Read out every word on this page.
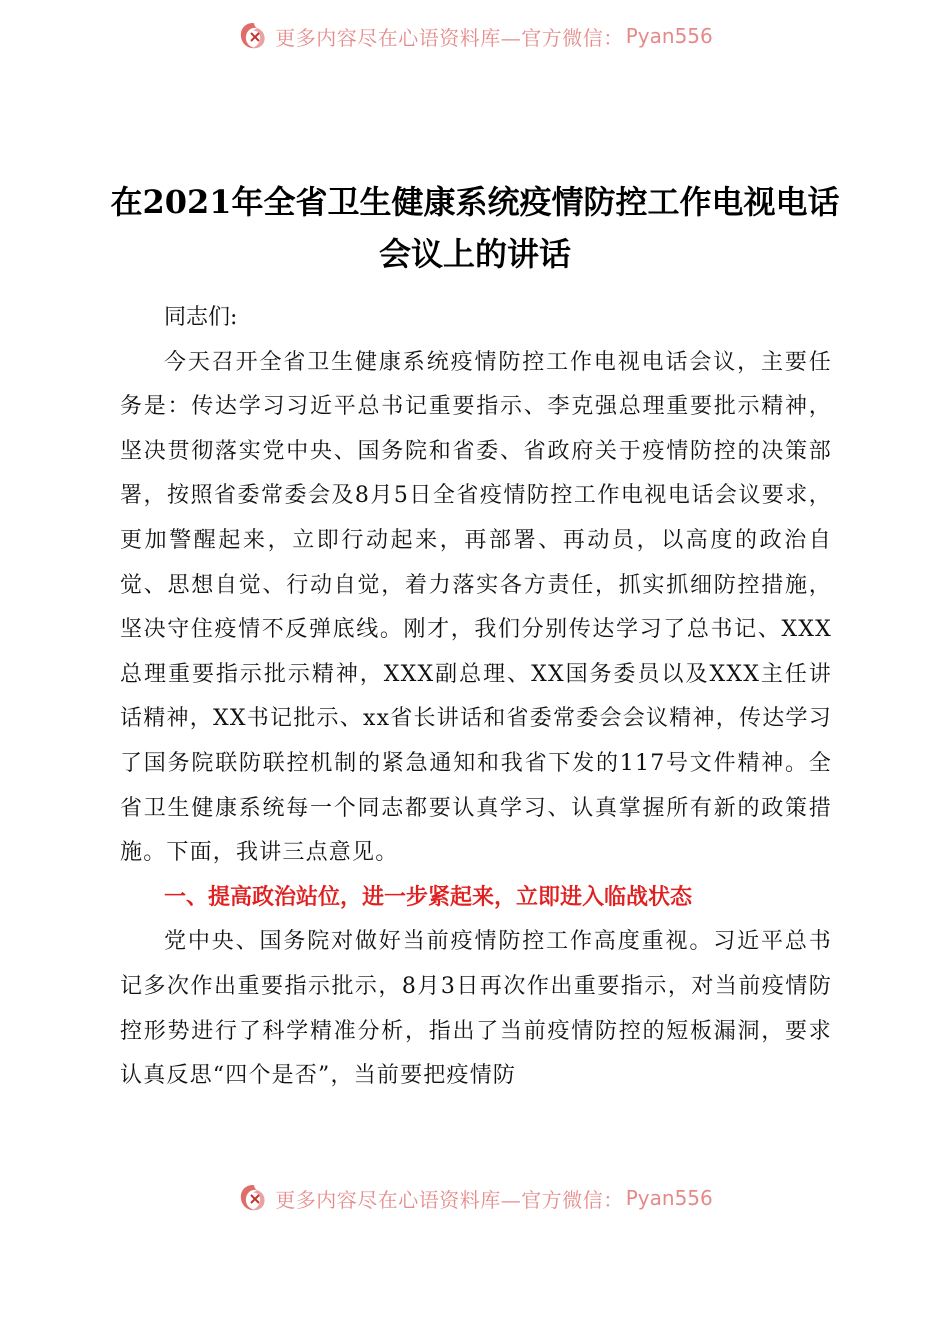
更多内容尽在心语资料库—官方微信： Pyan556
在2021年全省卫生健康系统疫情防控工作电视电话会议上的讲话

同志们:

今天召开全省卫生健康系统疫情防控工作电视电话会议，主要任务是：传达学习习近平总书记重要指示、李克强总理重要批示精神，坚决贯彻落实党中央、国务院和省委、省政府关于疫情防控的决策部署，按照省委常委会及8月5日全省疫情防控工作电视电话会议要求，更加警醒起来，立即行动起来，再部署、再动员，以高度的政治自觉、思想自觉、行动自觉，着力落实各方责任，抓实抓细防控措施，坚决守住疫情不反弹底线。刚才，我们分别传达学习了总书记、XXX总理重要指示批示精神，XXX副总理、XX国务委员以及XXX主任讲话精神，XX书记批示、xx省长讲话和省委常委会会议精神，传达学习了国务院联防联控机制的紧急通知和我省下发的117号文件精神。全省卫生健康系统每一个同志都要认真学习、认真掌握所有新的政策措施。下面，我讲三点意见。

一、提高政治站位，进一步紧起来，立即进入临战状态

党中央、国务院对做好当前疫情防控工作高度重视。习近平总书记多次作出重要指示批示，8月3日再次作出重要指示，对当前疫情防控形势进行了科学精准分析，指出了当前疫情防控的短板漏洞，要求认真反思“四个是否”，当前要把疫情防

更多内容尽在心语资料库—官方微信： Pyan556
